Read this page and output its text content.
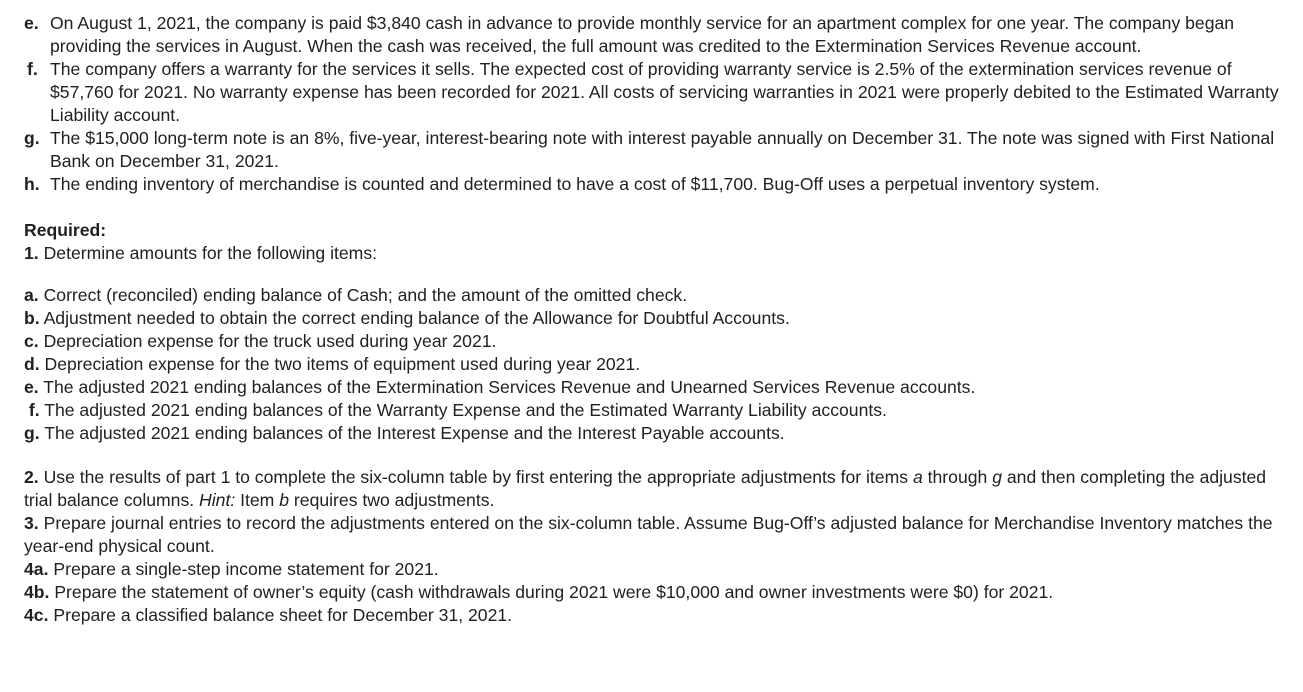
e. On August 1, 2021, the company is paid $3,840 cash in advance to provide monthly service for an apartment complex for one year. The company began providing the services in August. When the cash was received, the full amount was credited to the Extermination Services Revenue account.
f. The company offers a warranty for the services it sells. The expected cost of providing warranty service is 2.5% of the extermination services revenue of $57,760 for 2021. No warranty expense has been recorded for 2021. All costs of servicing warranties in 2021 were properly debited to the Estimated Warranty Liability account.
g. The $15,000 long-term note is an 8%, five-year, interest-bearing note with interest payable annually on December 31. The note was signed with First National Bank on December 31, 2021.
h. The ending inventory of merchandise is counted and determined to have a cost of $11,700. Bug-Off uses a perpetual inventory system.
Required:
1. Determine amounts for the following items:
a. Correct (reconciled) ending balance of Cash; and the amount of the omitted check.
b. Adjustment needed to obtain the correct ending balance of the Allowance for Doubtful Accounts.
c. Depreciation expense for the truck used during year 2021.
d. Depreciation expense for the two items of equipment used during year 2021.
e. The adjusted 2021 ending balances of the Extermination Services Revenue and Unearned Services Revenue accounts.
f. The adjusted 2021 ending balances of the Warranty Expense and the Estimated Warranty Liability accounts.
g. The adjusted 2021 ending balances of the Interest Expense and the Interest Payable accounts.
2. Use the results of part 1 to complete the six-column table by first entering the appropriate adjustments for items a through g and then completing the adjusted trial balance columns. Hint: Item b requires two adjustments.
3. Prepare journal entries to record the adjustments entered on the six-column table. Assume Bug-Off’s adjusted balance for Merchandise Inventory matches the year-end physical count.
4a. Prepare a single-step income statement for 2021.
4b. Prepare the statement of owner’s equity (cash withdrawals during 2021 were $10,000 and owner investments were $0) for 2021.
4c. Prepare a classified balance sheet for December 31, 2021.
